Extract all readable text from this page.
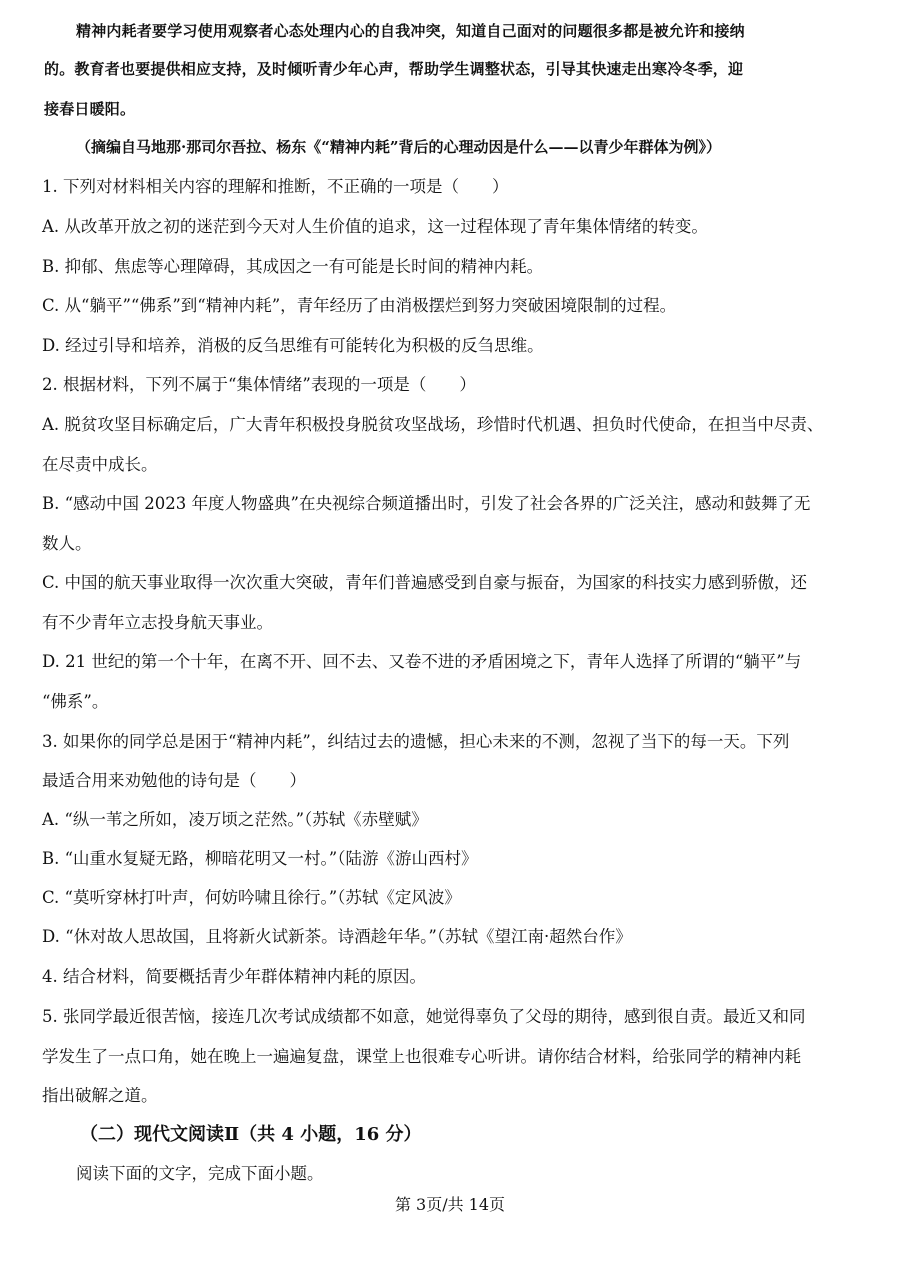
精神内耗者要学习使用观察者心态处理内心的自我冲突，知道自己面对的问题很多都是被允许和接纳
的。教育者也要提供相应支持，及时倾听青少年心声，帮助学生调整状态，引导其快速走出寒冷冬季，迎
接春日暖阳。
（摘编自马地那·那司尔吾拉、杨东《“精神内耗”背后的心理动因是什么——以青少年群体为例》）
1. 下列对材料相关内容的理解和推断，不正确的一项是（　　）
A. 从改革开放之初的迷茫到今天对人生价值的追求，这一过程体现了青年集体情绪的转变。
B. 抑郁、焦虑等心理障碍，其成因之一有可能是长时间的精神内耗。
C. 从“躺平”“佛系”到“精神内耗”，青年经历了由消极摆烂到努力突破困境限制的过程。
D. 经过引导和培养，消极的反刍思维有可能转化为积极的反刍思维。
2. 根据材料，下列不属于“集体情绪”表现的一项是（　　）
A. 脱贫攻坚目标确定后，广大青年积极投身脱贫攻坚战场，珍惜时代机遇、担负时代使命，在担当中尽责、
在尽责中成长。
B. “感动中国 2023 年度人物盛典”在央视综合频道播出时，引发了社会各界的广泛关注，感动和鼓舞了无
数人。
C. 中国的航天事业取得一次次重大突破，青年们普遍感受到自豪与振奋，为国家的科技实力感到骄傲，还
有不少青年立志投身航天事业。
D. 21 世纪的第一个十年，在离不开、回不去、又卷不进的矛盾困境之下，青年人选择了所谓的“躺平”与
“佛系”。
3. 如果你的同学总是困于“精神内耗”，纠结过去的遗憾，担心未来的不测，忽视了当下的每一天。下列
最适合用来劝勉他的诗句是（　　）
A. “纵一苇之所如，凌万顷之茫然。”（苏轼《赤壁赋》
B. “山重水复疑无路，柳暗花明又一村。”（陆游《游山西村》
C. “莫听穿林打叶声，何妨吟啸且徐行。”（苏轼《定风波》
D. “休对故人思故国，且将新火试新茶。诗酒趁年华。”（苏轼《望江南·超然台作》
4. 结合材料，简要概括青少年群体精神内耗的原因。
5. 张同学最近很苦恼，接连几次考试成绩都不如意，她觉得辜负了父母的期待，感到很自责。最近又和同
学发生了一点口角，她在晚上一遍遍复盘，课堂上也很难专心听讲。请你结合材料，给张同学的精神内耗
指出破解之道。
（二）现代文阅读Ⅱ（共 4 小题，16 分）
阅读下面的文字，完成下面小题。
第 3页/共 14页
